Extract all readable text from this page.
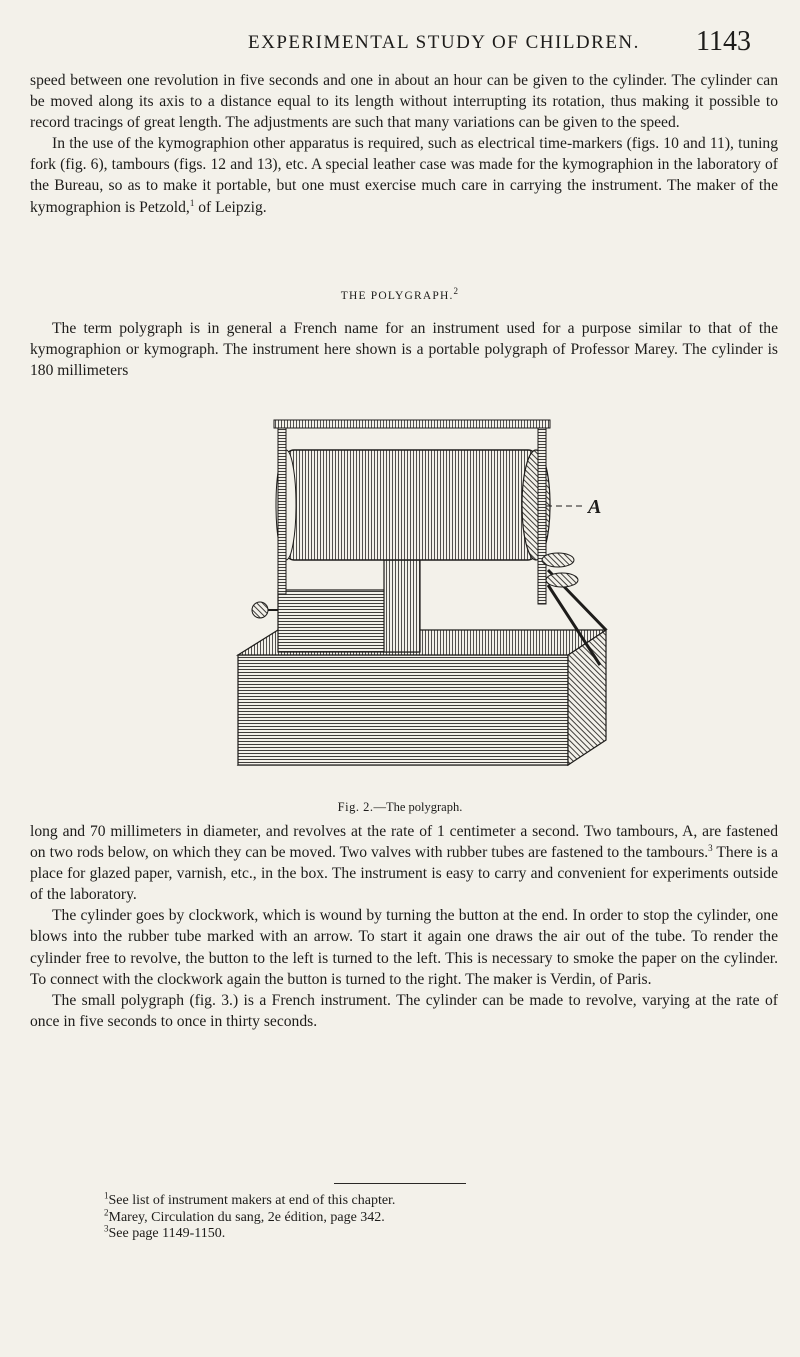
EXPERIMENTAL STUDY OF CHILDREN. 1143

speed between one revolution in five seconds and one in about an hour can be given to the cylinder. The cylinder can be moved along its axis to a distance equal to its length without interrupting its rotation, thus making it possible to record tracings of great length. The adjustments are such that many variations can be given to the speed.

In the use of the kymographion other apparatus is required, such as electrical time-markers (figs. 10 and 11), tuning fork (fig. 6), tambours (figs. 12 and 13), etc. A special leather case was made for the kymographion in the laboratory of the Bureau, so as to make it portable, but one must exercise much care in carrying the instrument. The maker of the kymographion is Petzold,$^1$ of Leipzig.

THE POLYGRAPH.$^2$

The term polygraph is in general a French name for an instrument used for a purpose similar to that of the kymographion or kymograph. The instrument here shown is a portable polygraph of Professor Marey. The cylinder is 180 millimeters

A
Fig. 2.—The polygraph.

long and 70 millimeters in diameter, and revolves at the rate of 1 centimeter a second. Two tambours, A, are fastened on two rods below, on which they can be moved. Two valves with rubber tubes are fastened to the tambours.$^3$ There is a place for glazed paper, varnish, etc., in the box. The instrument is easy to carry and convenient for experiments outside of the laboratory.

The cylinder goes by clockwork, which is wound by turning the button at the end. In order to stop the cylinder, one blows into the rubber tube marked with an arrow. To start it again one draws the air out of the tube. To render the cylinder free to revolve, the button to the left is turned to the left. This is necessary to smoke the paper on the cylinder. To connect with the clockwork again the button is turned to the right. The maker is Verdin, of Paris.

The small polygraph (fig. 3.) is a French instrument. The cylinder can be made to revolve, varying at the rate of once in five seconds to once in thirty seconds.

$^1$See list of instrument makers at end of this chapter.
$^2$Marey, Circulation du sang, 2e édition, page 342.
$^3$See page 1149-1150.
